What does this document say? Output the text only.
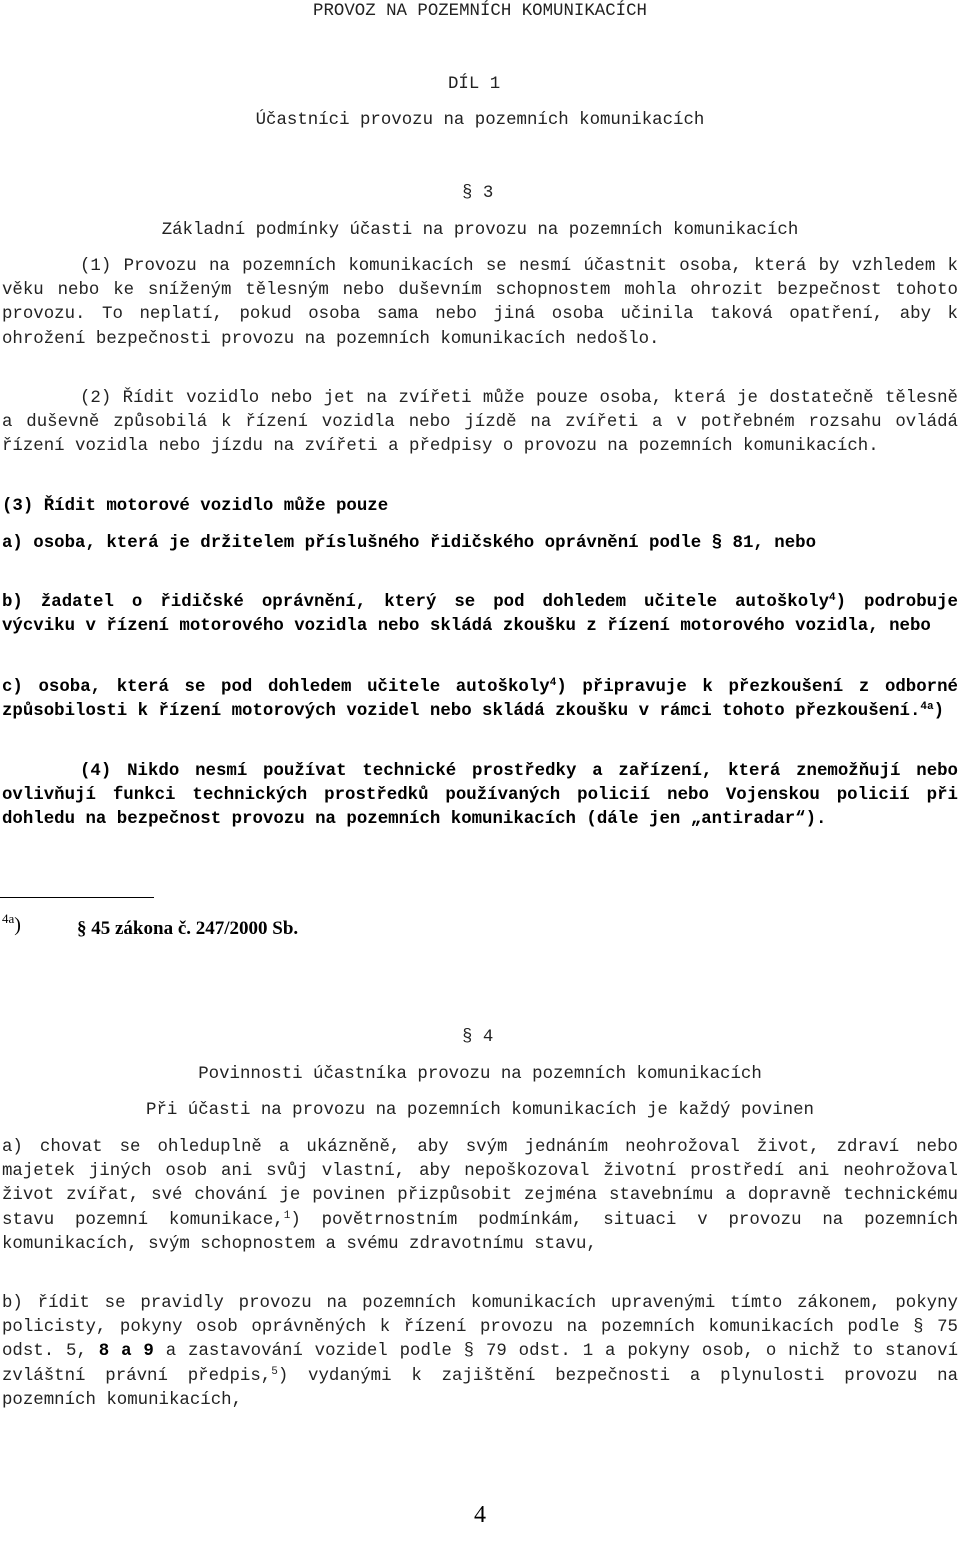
PROVOZ NA POZEMNÍCH KOMUNIKACÍCH
DÍL 1
Účastníci provozu na pozemních komunikacích
§ 3
Základní podmínky účasti na provozu na pozemních komunikacích

(1) Provozu na pozemních komunikacích se nesmí účastnit osoba, která by vzhledem k věku nebo ke sníženým tělesným nebo duševním schopnostem mohla ohrozit bezpečnost tohoto provozu. To neplatí, pokud osoba sama nebo jiná osoba učinila taková opatření, aby k ohrožení bezpečnosti provozu na pozemních komunikacích nedošlo.

(2) Řídit vozidlo nebo jet na zvířeti může pouze osoba, která je dostatečně tělesně a duševně způsobilá k řízení vozidla nebo jízdě na zvířeti a v potřebném rozsahu ovládá řízení vozidla nebo jízdu na zvířeti a předpisy o provozu na pozemních komunikacích.

(3) Řídit motorové vozidlo může pouze

a) osoba, která je držitelem příslušného řidičského oprávnění podle § 81, nebo

b) žadatel o řidičské oprávnění, který se pod dohledem učitele autoškoly$^4$) podrobuje výcviku v řízení motorového vozidla nebo skládá zkoušku z řízení motorového vozidla, nebo

c) osoba, která se pod dohledem učitele autoškoly$^4$) připravuje k přezkoušení z odborné způsobilosti k řízení motorových vozidel nebo skládá zkoušku v rámci tohoto přezkoušení.$^{4a}$)

(4) Nikdo nesmí používat technické prostředky a zařízení, která znemožňují nebo ovlivňují funkci technických prostředků používaných policií nebo Vojenskou policií při dohledu na bezpečnost provozu na pozemních komunikacích (dále jen „antiradar“).

$^{4a}$)	§ 45 zákona č. 247/2000 Sb.
§ 4
Povinnosti účastníka provozu na pozemních komunikacích
Při účasti na provozu na pozemních komunikacích je každý povinen

a) chovat se ohleduplně a ukázněně, aby svým jednáním neohrožoval život, zdraví nebo majetek jiných osob ani svůj vlastní, aby nepoškozoval životní prostředí ani neohrožoval život zvířat, své chování je povinen přizpůsobit zejména stavebnímu a dopravně technickému stavu pozemní komunikace,$^1$) povětrnostním podmínkám, situaci v provozu na pozemních komunikacích, svým schopnostem a svému zdravotnímu stavu,

b) řídit se pravidly provozu na pozemních komunikacích upravenými tímto zákonem, pokyny policisty, pokyny osob oprávněných k řízení provozu na pozemních komunikacích podle § 75 odst. 5, 8 a 9 a zastavování vozidel podle § 79 odst. 1 a pokyny osob, o nichž to stanoví zvláštní právní předpis,$^5$) vydanými k zajištění bezpečnosti a plynulosti provozu na pozemních komunikacích,

4
